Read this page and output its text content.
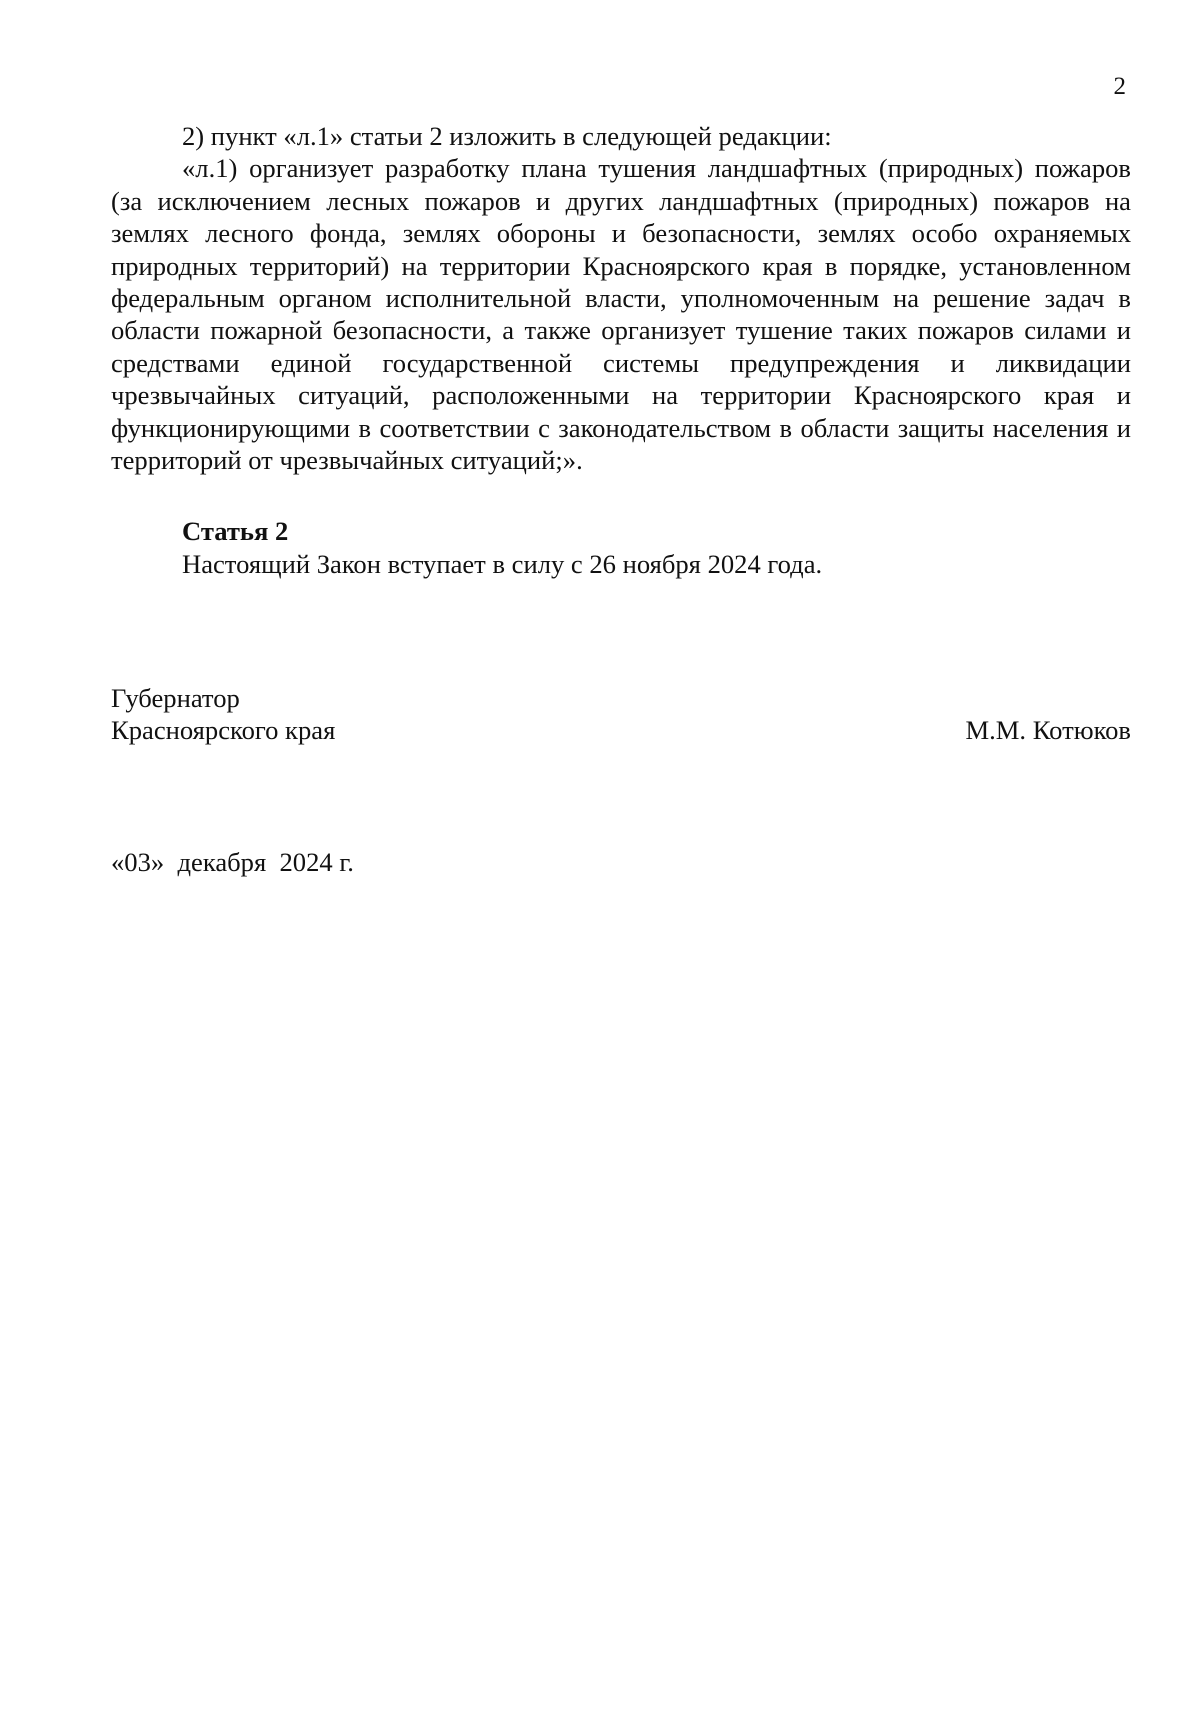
2

2) пункт «л.1» статьи 2 изложить в следующей редакции:

«л.1) организует разработку плана тушения ландшафтных (природных) пожаров (за исключением лесных пожаров и других ландшафтных (природных) пожаров на землях лесного фонда, землях обороны и безопасности, землях особо охраняемых природных территорий) на территории Красноярского края в порядке, установленном федеральным органом исполнительной власти, уполномоченным на решение задач в области пожарной безопасности, а также организует тушение таких пожаров силами и средствами единой государственной системы предупреждения и ликвидации чрезвычайных ситуаций, расположенными на территории Красноярского края и функционирующими в соответствии с законодательством в области защиты населения и территорий от чрезвычайных ситуаций;».

Статья 2

Настоящий Закон вступает в силу с 26 ноября 2024 года.

Губернатор

Красноярского края	М.М. Котюков
«03»  декабря  2024 г.
